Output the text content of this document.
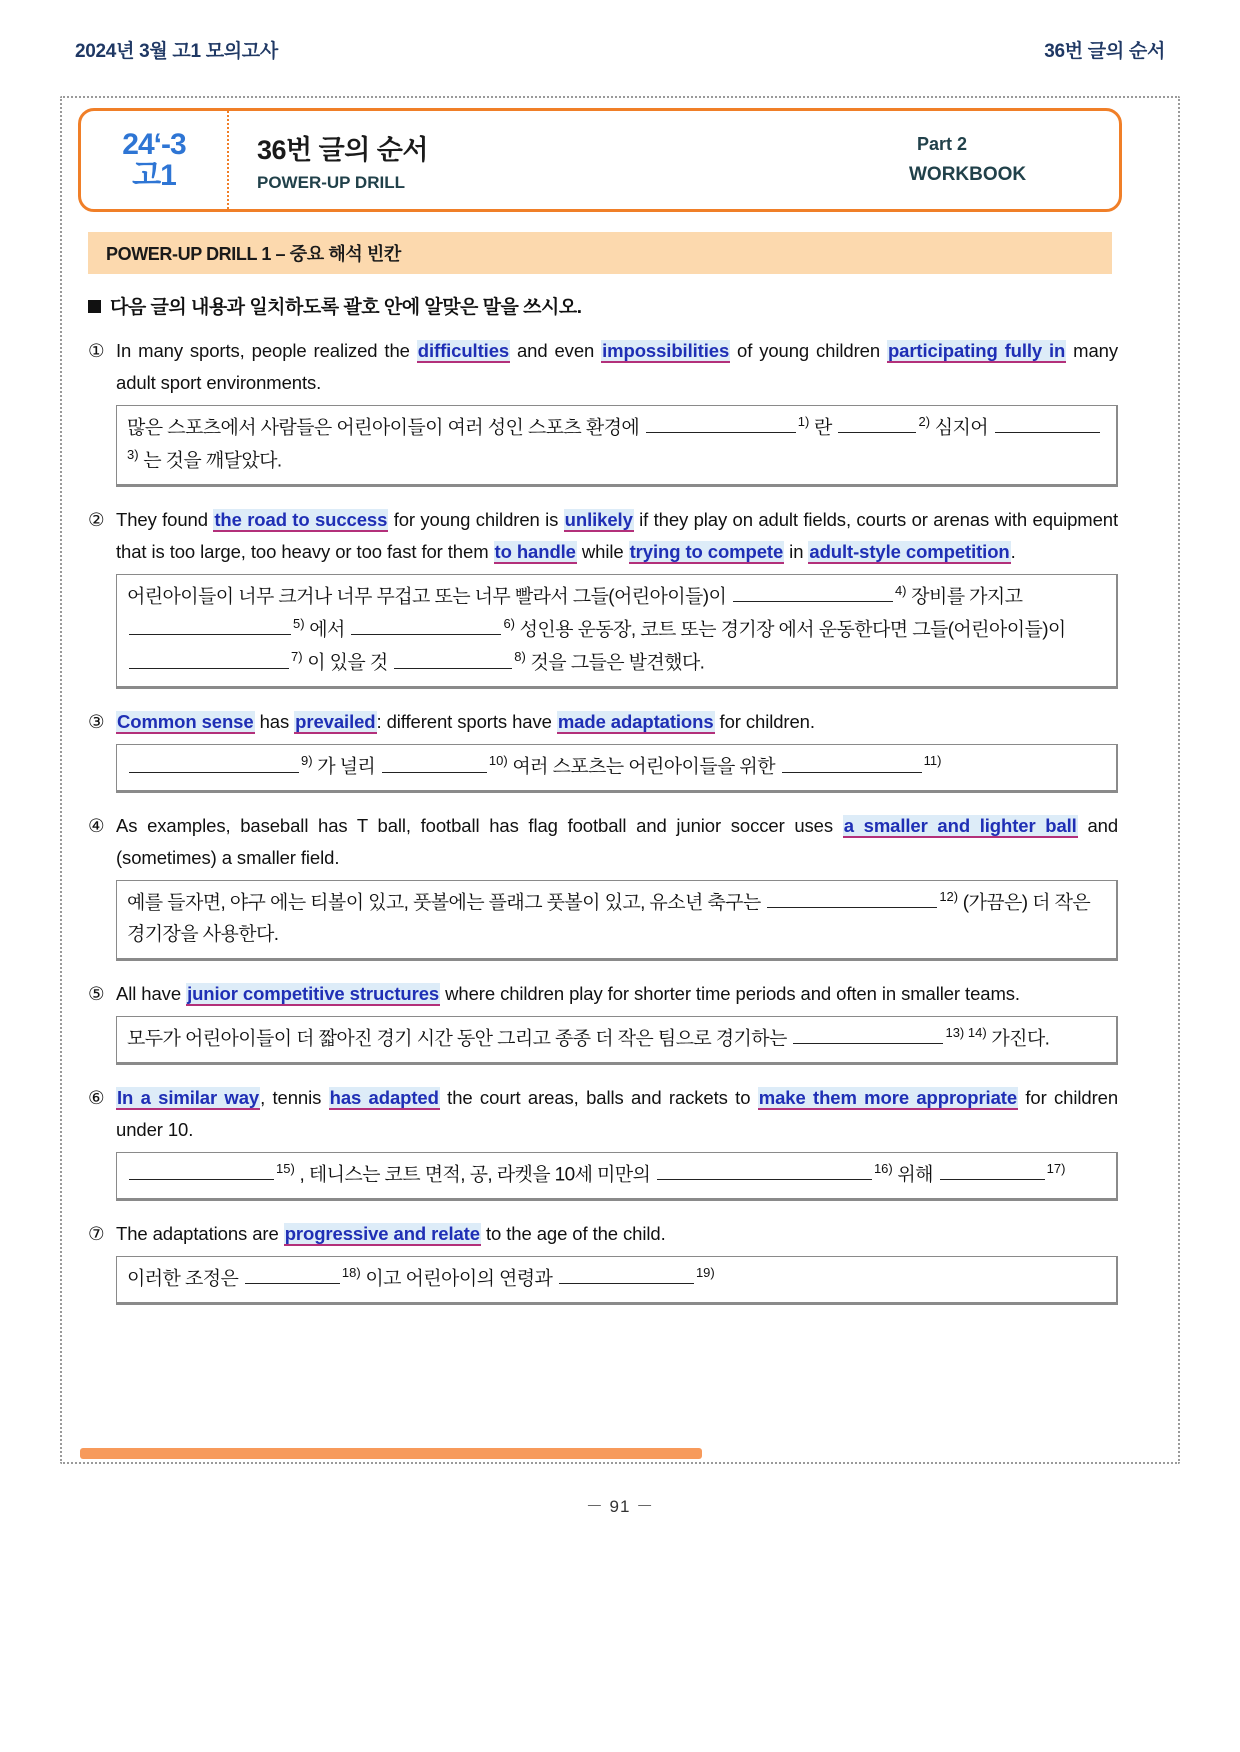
2024년 3월 고1 모의고사	36번 글의 순서
24‘-3
고1
36번 글의 순서
POWER-UP DRILL
Part 2
WORKBOOK
POWER-UP DRILL 1 – 중요 해석 빈칸
다음 글의 내용과 일치하도록 괄호 안에 알맞은 말을 쓰시오.
① In many sports, people realized the difficulties and even impossibilities of young children participating fully in many adult sport environments.
많은 스포츠에서 사람들은 어린아이들이 여러 성인 스포츠 환경에	$^{1)}$ 란	$^{2)}$ 심지어 $^{3)}$ 는 것을 깨달았다.
② They found the road to success for young children is unlikely if they play on adult fields, courts or arenas with equipment that is too large, too heavy or too fast for them to handle while trying to compete in adult-style competition.
어린아이들이 너무 크거나 너무 무겁고 또는 너무 빨라서 그들(어린아이들)이	$^{4)}$ 장비를 가지고 $^{5)}$ 에서	$^{6)}$ 성인용 운동장, 코트 또는 경기장 에서 운동한다면 그들(어린아이들)이 $^{7)}$ 이 있을 것	$^{8)}$ 것을 그들은 발견했다.
③ Common sense has prevailed: different sports have made adaptations for children.
$^{9)}$ 가 널리	$^{10)}$ 여러 스포츠는 어린아이들을 위한	$^{11)}$
④ As examples, baseball has T ball, football has flag football and junior soccer uses a smaller and lighter ball and (sometimes) a smaller field.
예를 들자면, 야구 에는 티볼이 있고, 풋볼에는 플래그 풋볼이 있고, 유소년 축구는	$^{12)}$ (가끔은) 더 작은 경기장을 사용한다.
⑤ All have junior competitive structures where children play for shorter time periods and often in smaller teams.
모두가 어린아이들이 더 짧아진 경기 시간 동안 그리고 종종 더 작은 팀으로 경기하는	$^{13)}$ $^{14)}$ 가진다.
⑥ In a similar way, tennis has adapted the court areas, balls and rackets to make them more appropriate for children under 10.
$^{15)}$ , 테니스는 코트 면적, 공, 라켓을 10세 미만의	$^{16)}$ 위해	$^{17)}$
⑦ The adaptations are progressive and relate to the age of the child.
이러한 조정은	$^{18)}$ 이고 어린아이의 연령과	$^{19)}$
－ 91 －
